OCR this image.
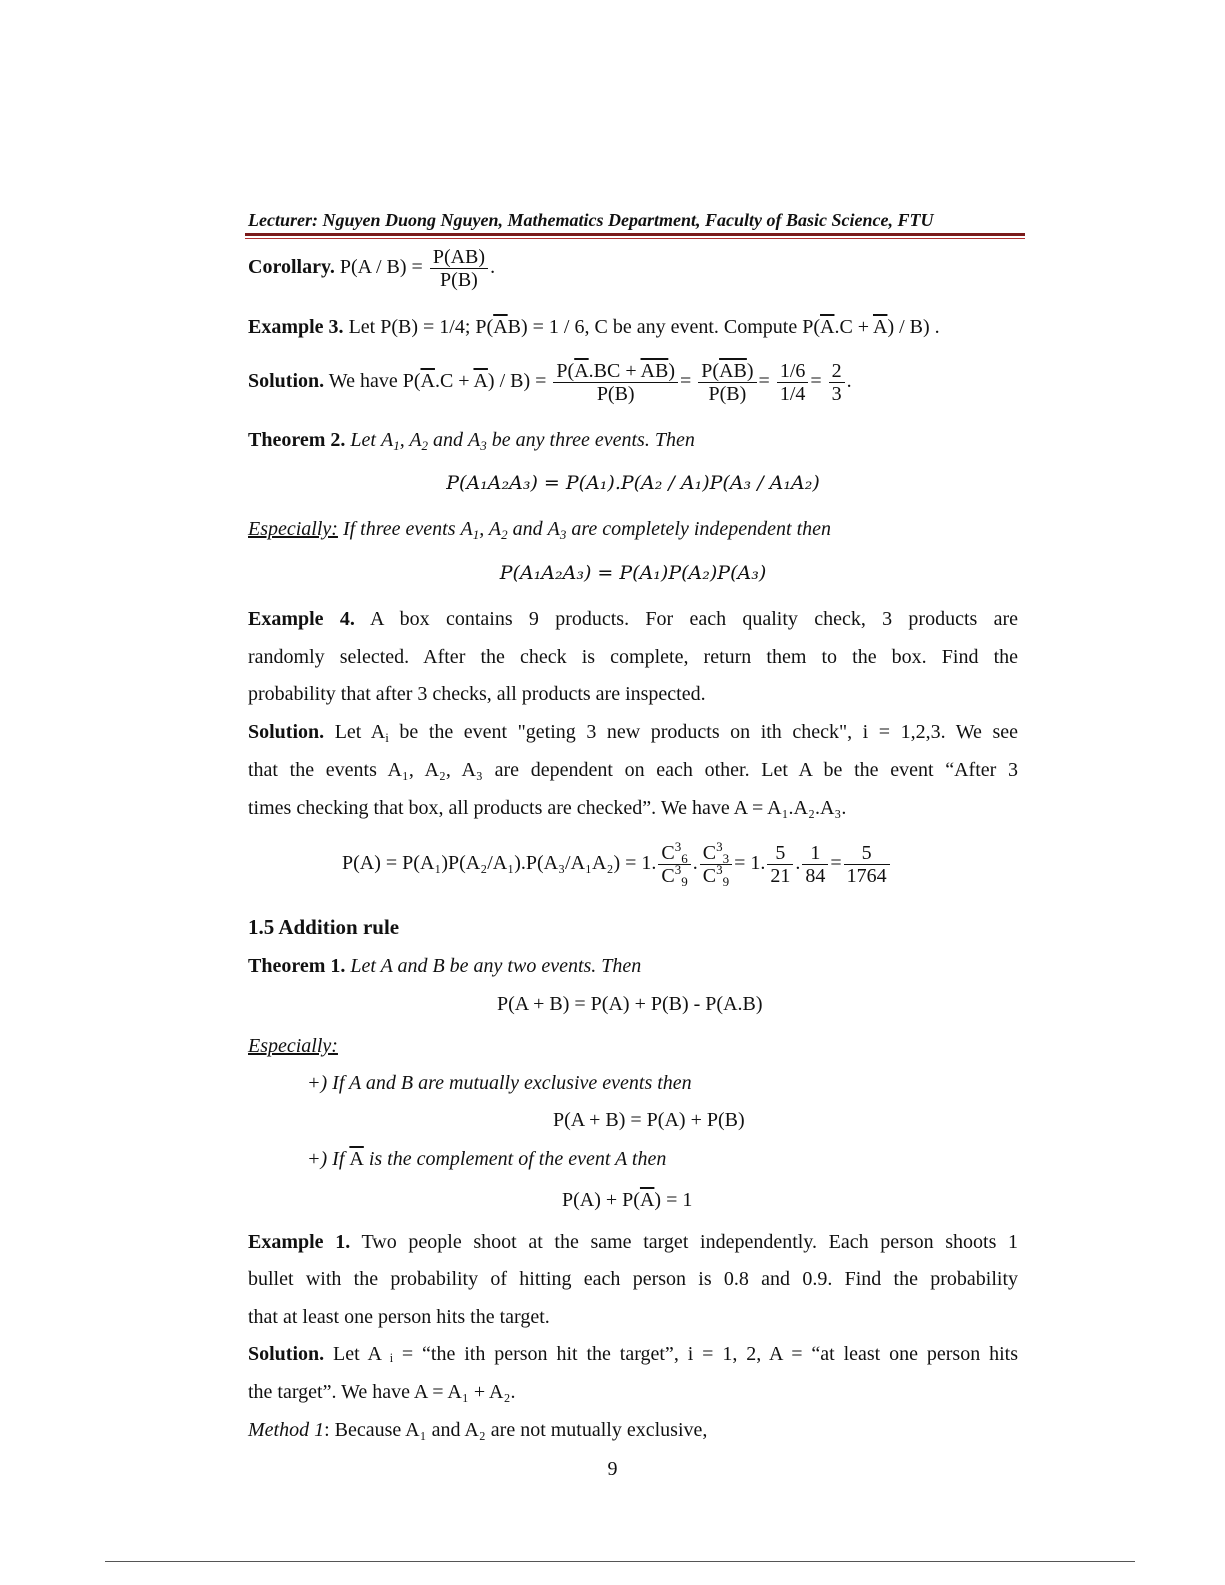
Lecturer: Nguyen Duong Nguyen, Mathematics Department, Faculty of Basic Science, FTU
Corollary. $P(A / B) = \frac{P(AB)}{P(B)}$ .
Example 3. Let P(B) = 1/4; $P(\overline{A}B) = 1 / 6$, C be any event. Compute $P(\overline{A}.C + \overline{A}) / B$) .
Solution. We have $P(\overline{A}.C + \overline{A}) / B) = \frac{P(\overline{A}.BC + \overline{AB})}{P(B)} = \frac{P(\overline{AB})}{P(B)} = \frac{1/6}{1/4} = \frac{2}{3}$ .
Theorem 2. Let $A_1$, $A_2$ and $A_3$ be any three events. Then
P(A₁A₂A₃) = P(A₁).P(A₂ / A₁)P(A₃ / A₁A₂)
Especially: If three events $A_1$, $A_2$ and $A_3$ are completely independent then
P(A₁A₂A₃) = P(A₁)P(A₂)P(A₃)
Example 4. A box contains 9 products. For each quality check, 3 products are
randomly selected. After the check is complete, return them to the box. Find the
probability that after 3 checks, all products are inspected.
Solution. Let $A_i$ be the event "geting 3 new products on ith check", i = 1,2,3. We see
that the events A₁, A₂, A₃ are dependent on each other. Let A be the event “After 3
times checking that box, all products are checked”. We have A = A₁.A₂.A₃.
P(A) = P(A₁)P(A₂/A₁).P(A₃/A₁A₂) = 1. $\frac{C^3_6}{C^3_9}$ . $\frac{C^3_3}{C^3_9} = 1$. $\frac{5}{21}$ . $\frac{1}{84} = \frac{5}{1764}$
1.5 Addition rule
Theorem 1. Let A and B be any two events. Then
P(A + B) = P(A) + P(B) - P(A.B)
Especially:
+) If A and B are mutually exclusive events then
P(A + B) = P(A) + P(B)
+) If $\overline{A}$ is the complement of the event A then
$P(A) + P(\overline{A}) = 1$
Example 1. Two people shoot at the same target independently. Each person shoots 1
bullet with the probability of hitting each person is 0.8 and 0.9. Find the probability
that at least one person hits the target.
Solution. Let A ᵢ = “the ith person hit the target”, i = 1, 2, A = “at least one person hits
the target”. We have A = A₁ + A₂.
Method 1: Because A₁ and A₂ are not mutually exclusive,
9
